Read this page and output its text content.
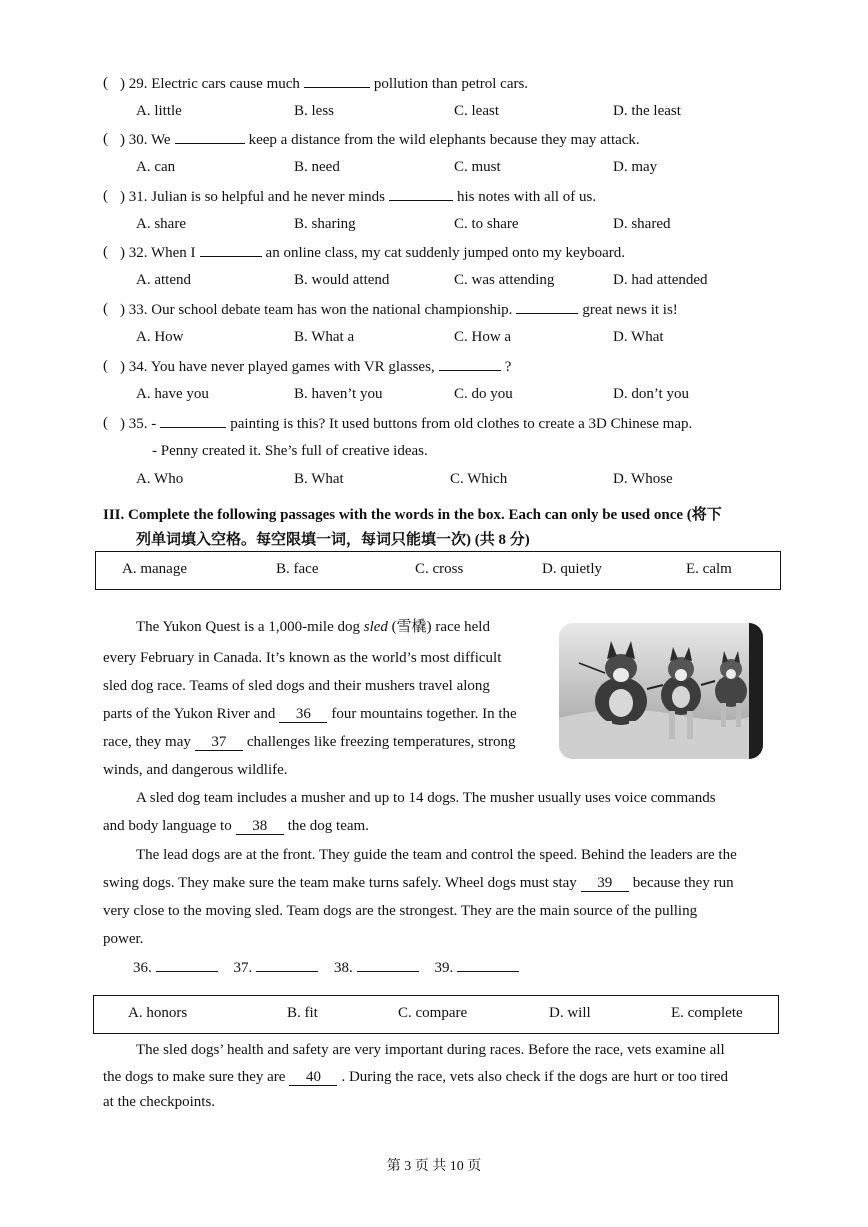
( ) 29. Electric cars cause much	pollution than petrol cars.
A. little	B. less	C. least	D. the least
( ) 30. We	keep a distance from the wild elephants because they may attack.
A. can	B. need	C. must	D. may
( ) 31. Julian is so helpful and he never minds	his notes with all of us.
A. share	B. sharing	C. to share	D. shared
( ) 32. When I	an online class, my cat suddenly jumped onto my keyboard.
A. attend	B. would attend	C. was attending	D. had attended
( ) 33. Our school debate team has won the national championship.	great news it is!
A. How	B. What a	C. How a	D. What
( ) 34. You have never played games with VR glasses,	?
A. have you	B. haven’t you	C. do you	D. don’t you
( ) 35. -	painting is this? It used buttons from old clothes to create a 3D Chinese map.
- Penny created it. She’s full of creative ideas.
A. Who	B. What	C. Which	D. Whose
III. Complete the following passages with the words in the box. Each can only be used once (将下
列单词填入空格。每空限填一词，每词只能填一次) (共 8 分)
A. manage	B. face	C. cross	D. quietly	E. calm
The Yukon Quest is a 1,000-mile dog sled (雪橇) race held
every February in Canada. It’s known as the world’s most difficult
sled dog race. Teams of sled dogs and their mushers travel along
parts of the Yukon River and 36 four mountains together. In the
race, they may 37 challenges like freezing temperatures, strong
winds, and dangerous wildlife.
A sled dog team includes a musher and up to 14 dogs. The musher usually uses voice commands
and body language to 38 the dog team.
The lead dogs are at the front. They guide the team and control the speed. Behind the leaders are the
swing dogs. They make sure the team make turns safely. Wheel dogs must stay 39 because they run
very close to the moving sled. Team dogs are the strongest. They are the main source of the pulling
power.
36.	37.	38.	39.
A. honors	B. fit	C. compare	D. will	E. complete
The sled dogs’ health and safety are very important during races. Before the race, vets examine all
the dogs to make sure they are 40 . During the race, vets also check if the dogs are hurt or too tired
at the checkpoints.
第 3 页 共 10 页
